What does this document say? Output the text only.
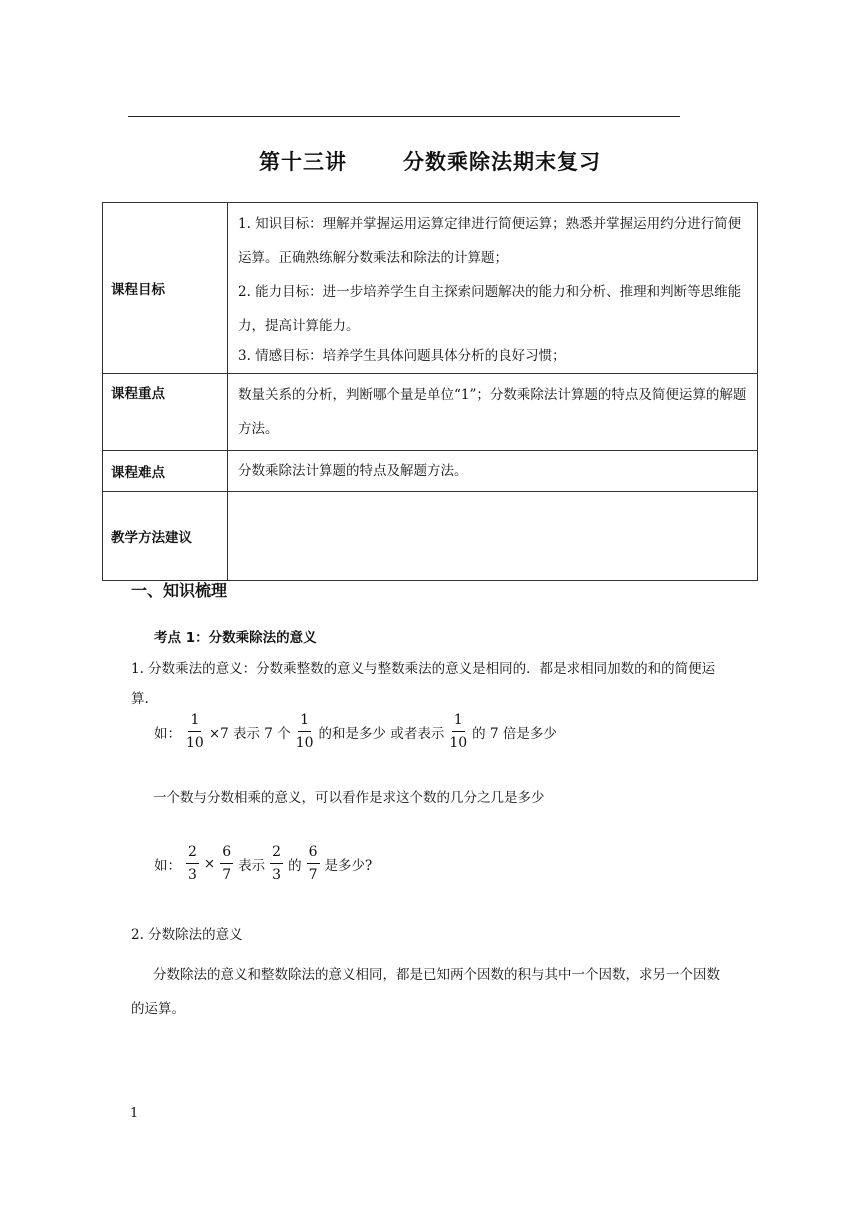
第十三讲	分数乘除法期末复习
课程目标	1. 知识目标：理解并掌握运用运算定律进行简便运算；熟悉并掌握运用约分进行简便运算。正确熟练解分数乘法和除法的计算题；
2. 能力目标：进一步培养学生自主探索问题解决的能力和分析、推理和判断等思维能力，提高计算能力。
3. 情感目标：培养学生具体问题具体分析的良好习惯；

课程重点	数量关系的分析，判断哪个量是单位“1”；分数乘除法计算题的特点及简便运算的解题方法。
课程难点	分数乘除法计算题的特点及解题方法。
教学方法建议	
一、知识梳理
考点 1：分数乘除法的意义
1. 分数乘法的意义：分数乘整数的意义与整数乘法的意义是相同的．都是求相同加数的和的简便运算.
如： $\frac{1}{10} \times 7$ 表示 7 个 $\frac{1}{10}$ 的和是多少 或者表示 $\frac{1}{10}$ 的 7 倍是多少
一个数与分数相乘的意义，可以看作是求这个数的几分之几是多少
如： $\frac{2}{3} \times \frac{6}{7}$ 表示 $\frac{2}{3}$ 的 $\frac{6}{7}$ 是多少?
2. 分数除法的意义
分数除法的意义和整数除法的意义相同，都是已知两个因数的积与其中一个因数，求另一个因数的运算。
1
